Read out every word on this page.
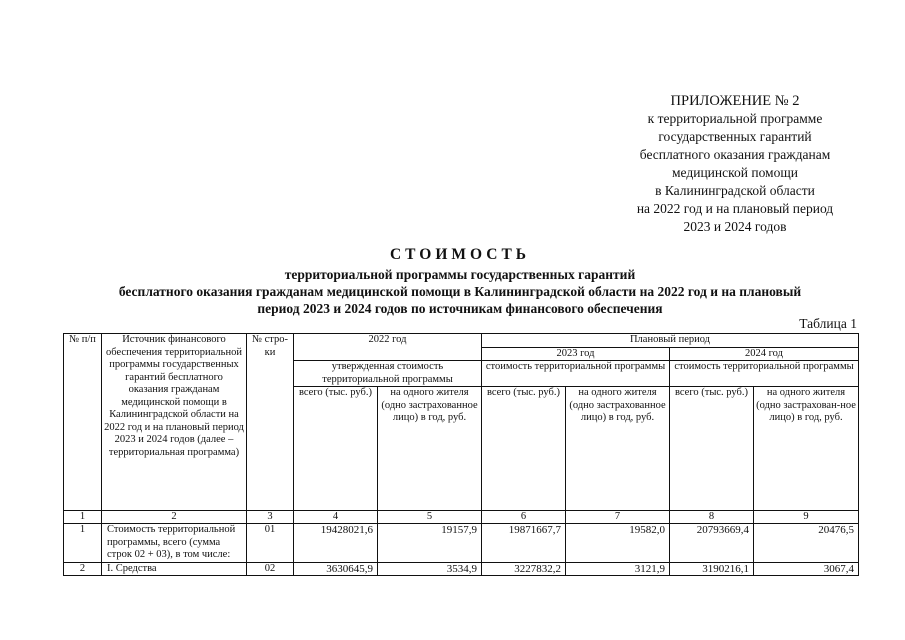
ПРИЛОЖЕНИЕ № 2
к территориальной программе
государственных гарантий
бесплатного оказания гражданам
медицинской помощи
в Калининградской области
на 2022 год и на плановый период
2023 и 2024 годов
СТОИМОСТЬ
территориальной программы государственных гарантий
бесплатного оказания гражданам медицинской помощи в Калининградской области на 2022 год и на плановый
период 2023 и 2024 годов по источникам финансового обеспечения
Таблица 1
№ п/п	Источник финансового обеспечения территориальной программы государственных гарантий бесплатного оказания гражданам медицинской помощи в Калининградской области на 2022 год и на плановый период 2023 и 2024 годов (далее – территориальная программа)	№ стро-ки	2022 год		Плановый период			
					2023 год		2024 год	
			утвержденная стоимость территориальной программы		стоимость территориальной программы		стоимость территориальной программы	
			всего (тыс. руб.)	на одного жителя (одно застрахованное лицо) в год, руб.	всего (тыс. руб.)	на одного жителя (одно застрахованное лицо) в год, руб.	всего (тыс. руб.)	на одного жителя (одно застрахован-ное лицо) в год, руб.
1	2	3	4	5	6	7	8	9
1	Стоимость территориальной программы, всего (сумма строк 02 + 03), в том числе:	01	19428021,6	19157,9	19871667,7	19582,0	20793669,4	20476,5
2	I. Средства	02	3630645,9	3534,9	3227832,2	3121,9	3190216,1	3067,4
